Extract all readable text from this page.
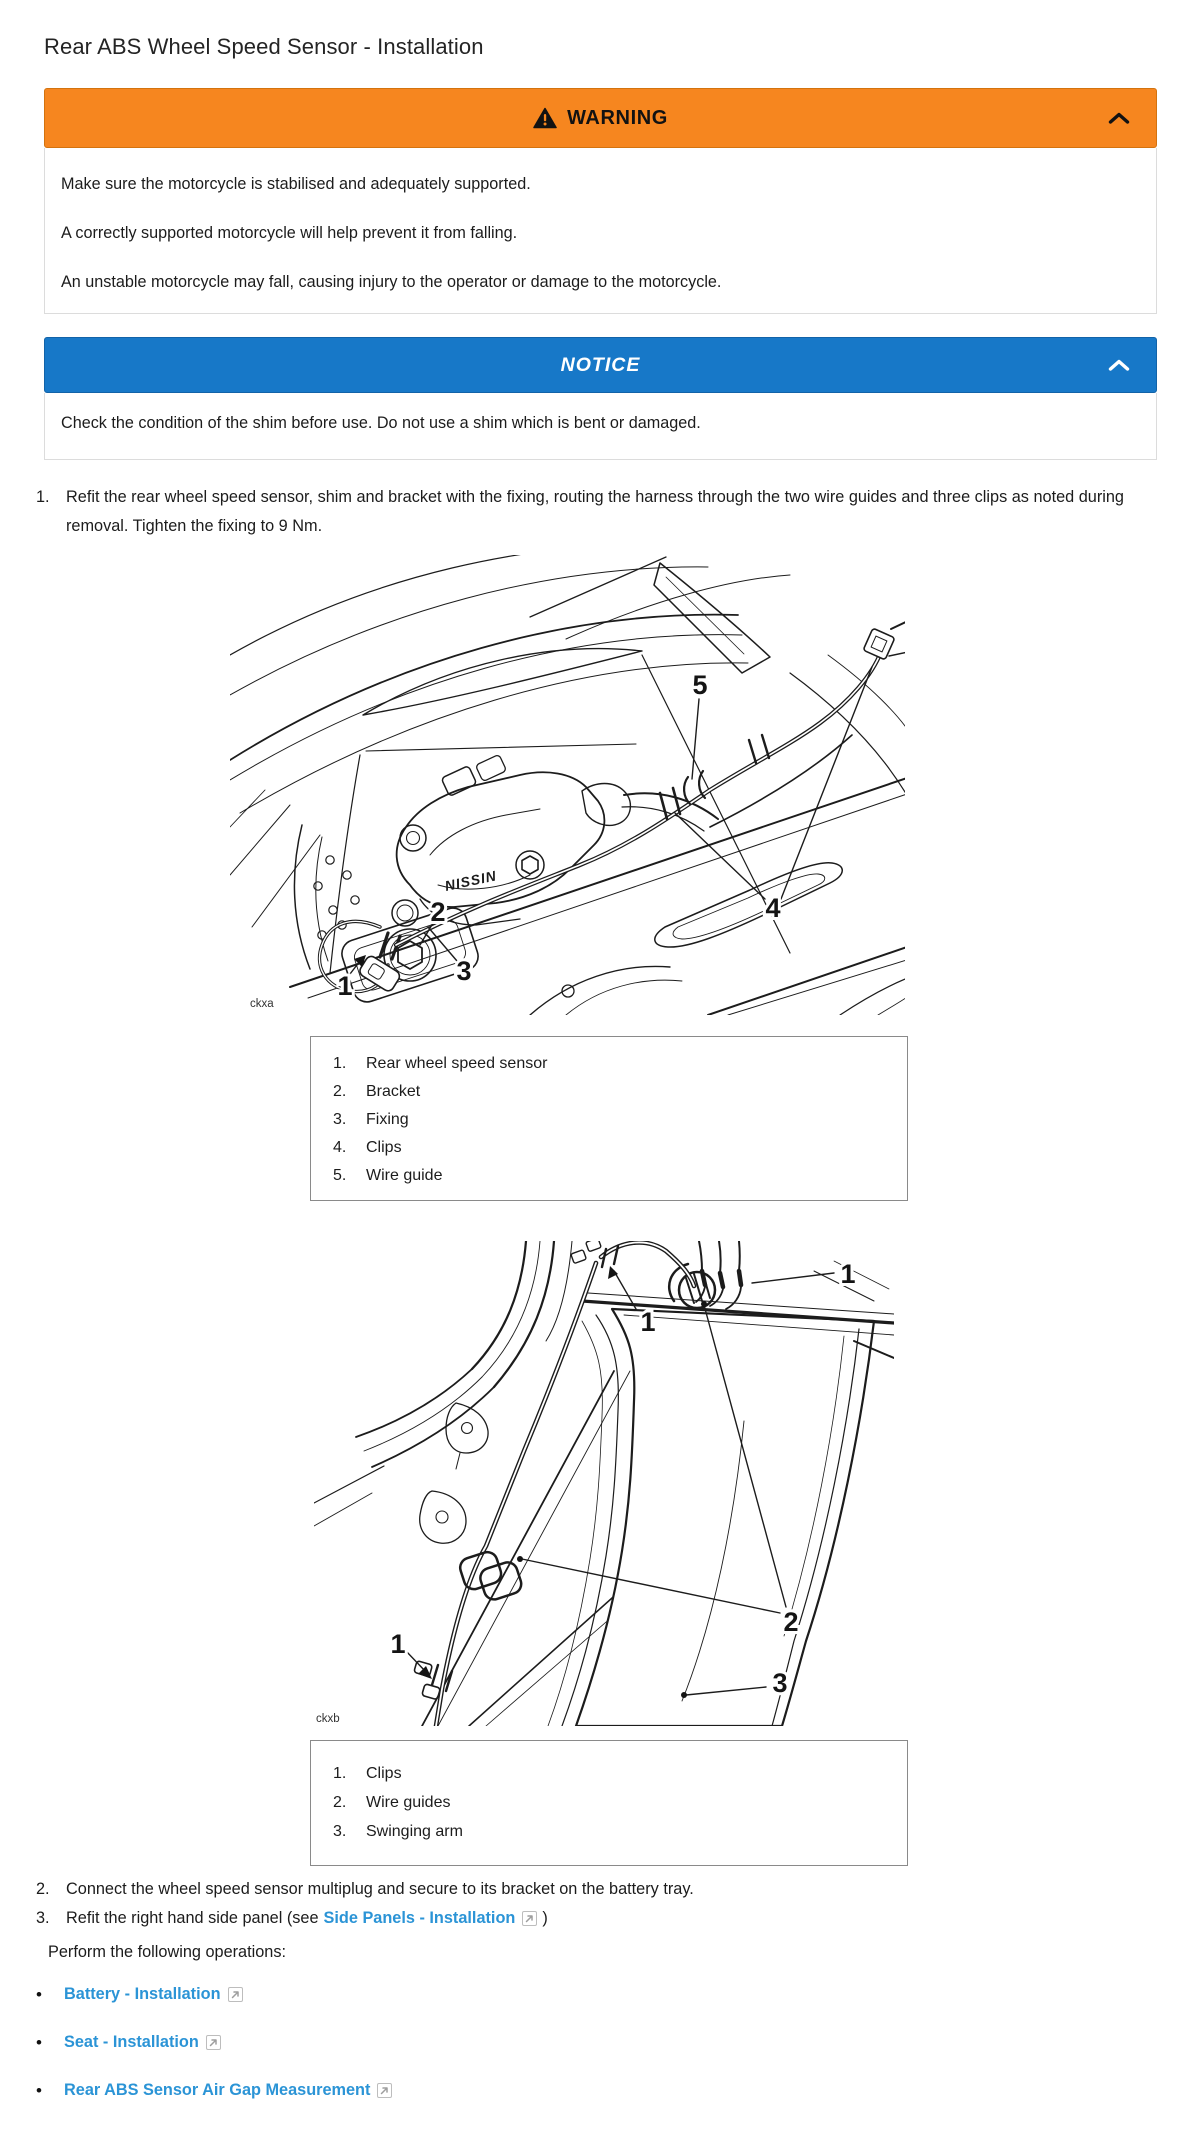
Rear ABS Wheel Speed Sensor - Installation
WARNING

Make sure the motorcycle is stabilised and adequately supported.

A correctly supported motorcycle will help prevent it from falling.

An unstable motorcycle may fall, causing injury to the operator or damage to the motorcycle.

NOTICE

Check the condition of the shim before use. Do not use a shim which is bent or damaged.

1.	Refit the rear wheel speed sensor, shim and bracket with the fixing, routing the harness through the two wire guides and three clips as noted during removal. Tighten the fixing to 9 Nm.
NISSIN
1
2
3
4
5
ckxa
1.	Rear wheel speed sensor
2.	Bracket
3.	Fixing
4.	Clips
5.	Wire guide
1
1
1
2
3
ckxb
1.	Clips
2.	Wire guides
3.	Swinging arm
2.	Connect the wheel speed sensor multiplug and secure to its bracket on the battery tray.
3.	Refit the right hand side panel (see Side Panels - Installation )
Perform the following operations:
•	Battery - Installation
•	Seat - Installation
•	Rear ABS Sensor Air Gap Measurement
